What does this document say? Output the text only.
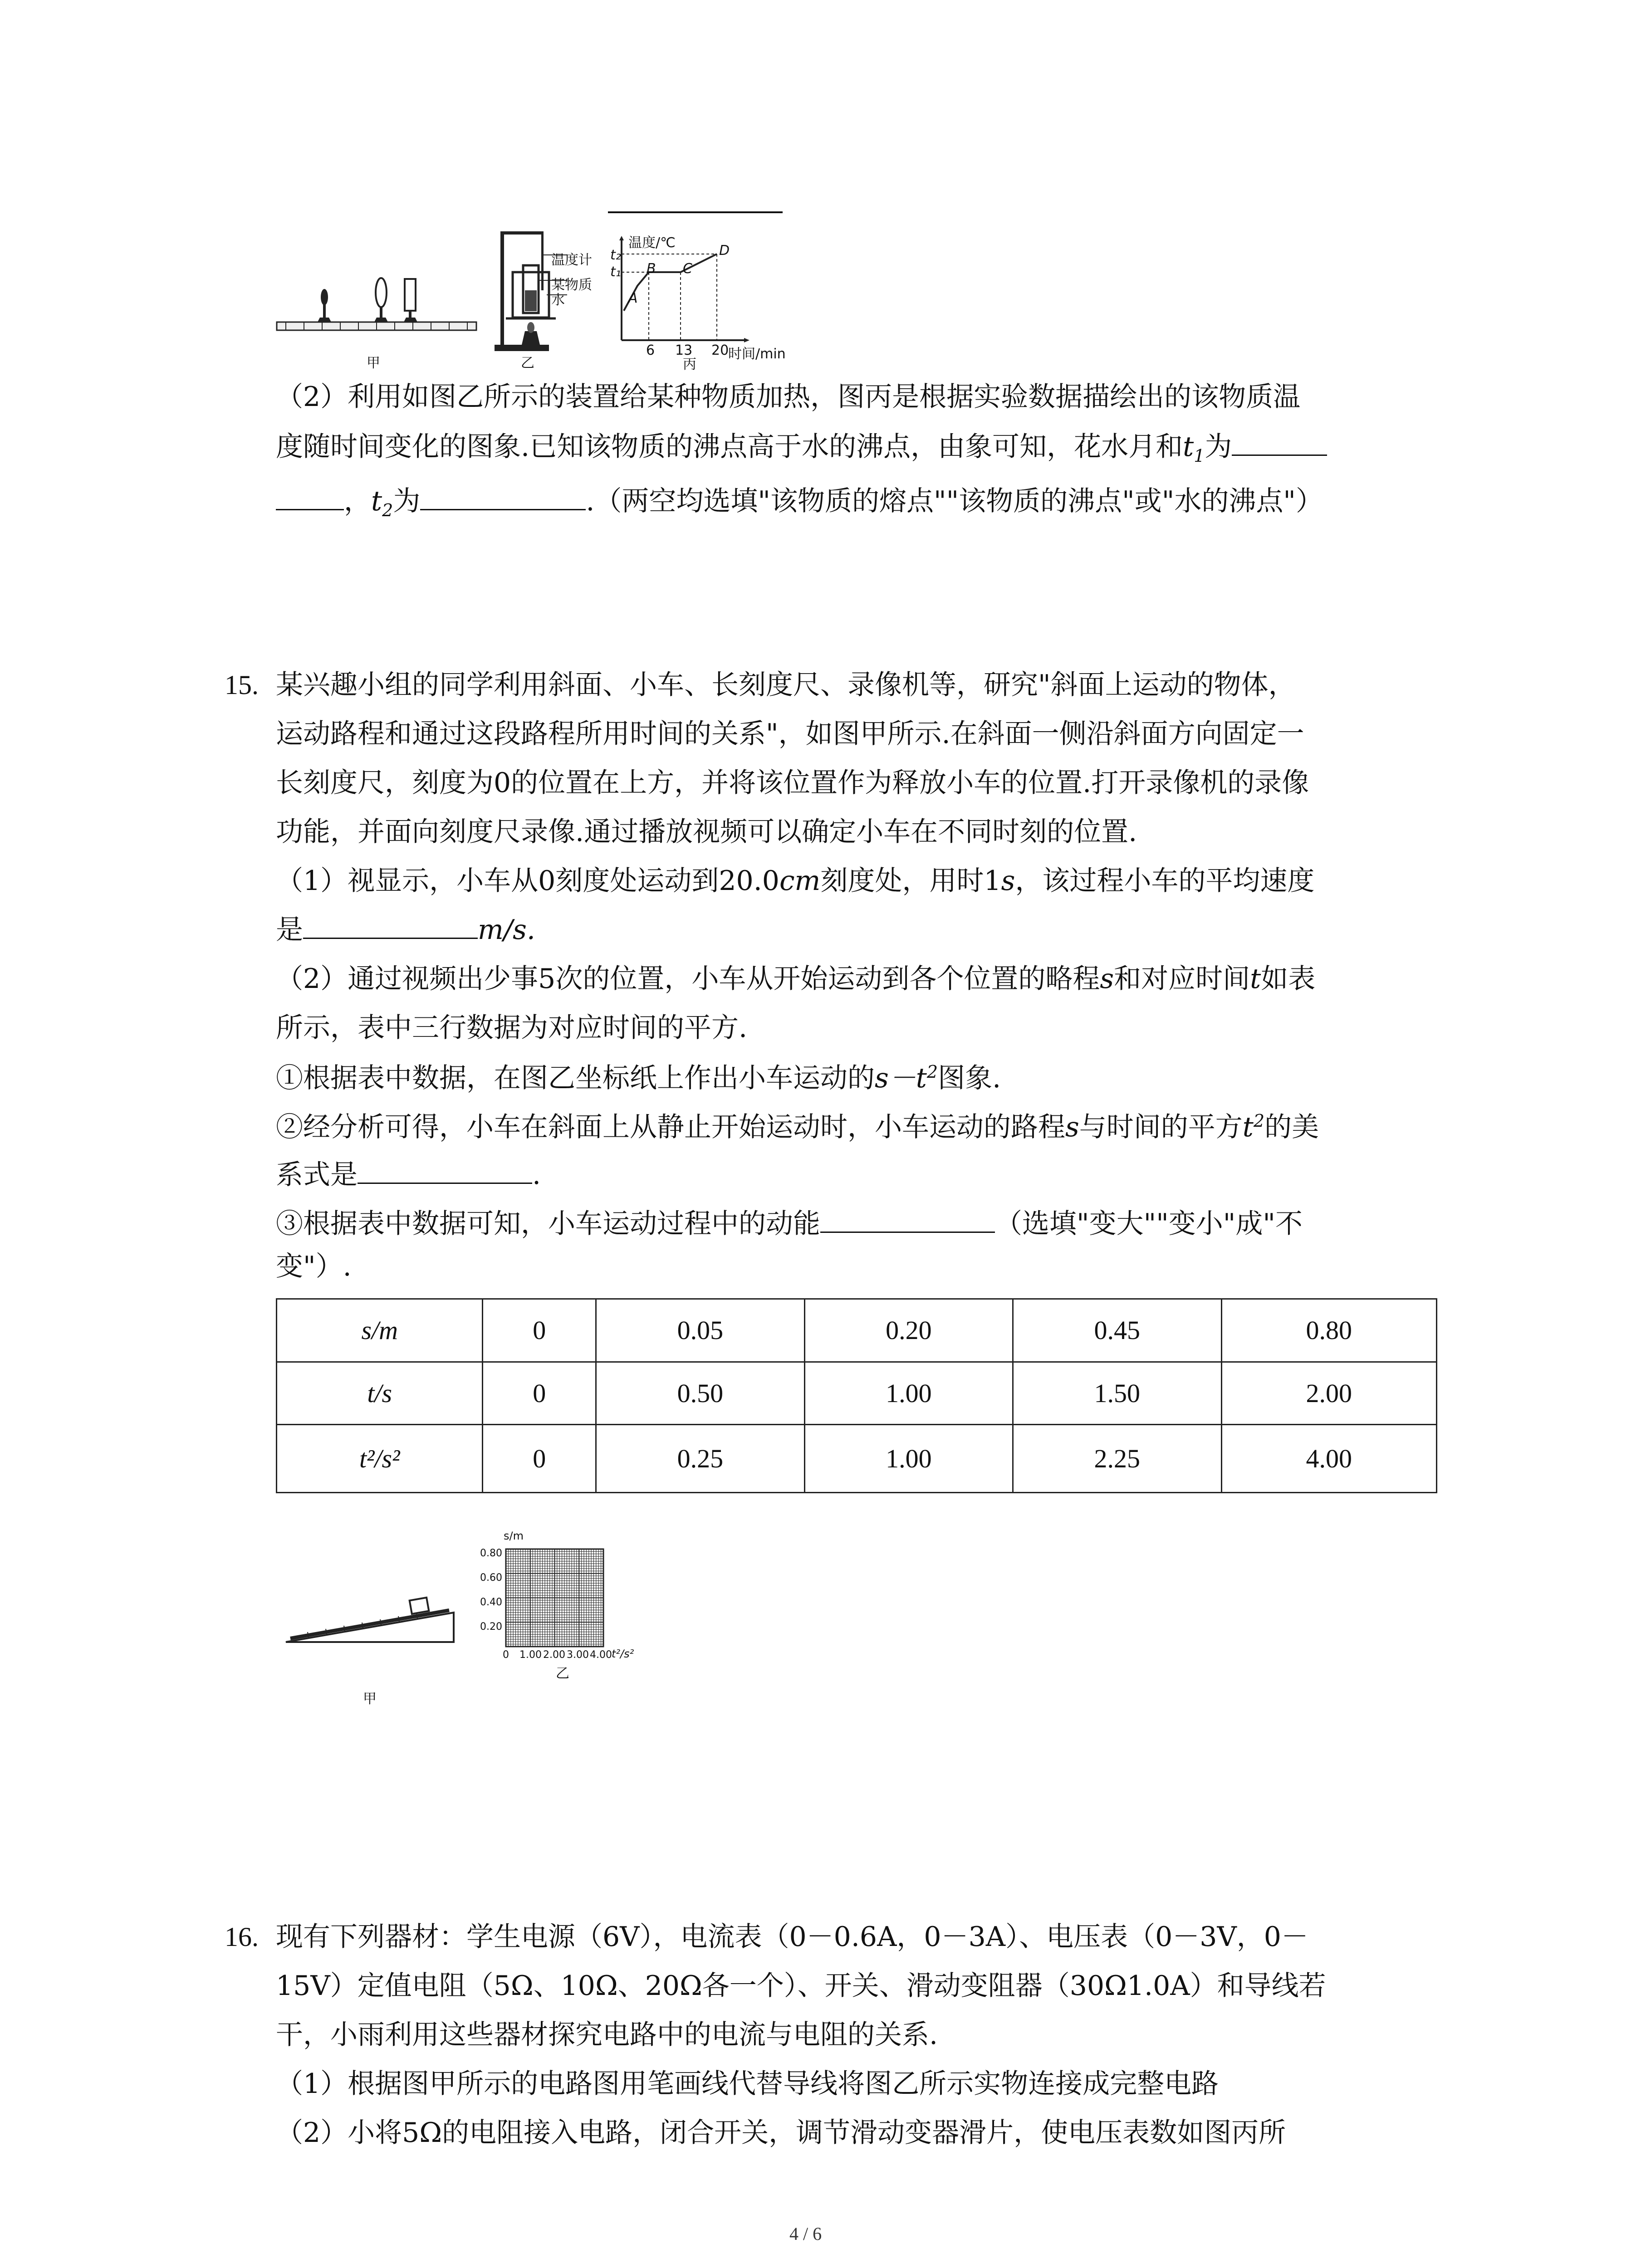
甲
温度计
某物质
水
乙
温度/℃
t₁
t₂
A
B C
D
6 13 20
时间/min
丙
（2）利用如图乙所示的装置给某种物质加热，图丙是根据实验数据描绘出的该物质温
度随时间变化的图象.已知该物质的沸点高于水的沸点，由象可知，花水月和$t_1$为
，$t_2$为	.（两空均选填"该物质的熔点""该物质的沸点"或"水的沸点"）
15. 某兴趣小组的同学利用斜面、小车、长刻度尺、录像机等，研究"斜面上运动的物体，
运动路程和通过这段路程所用时间的关系"，如图甲所示.在斜面一侧沿斜面方向固定一
长刻度尺，刻度为0的位置在上方，并将该位置作为释放小车的位置.打开录像机的录像
功能，并面向刻度尺录像.通过播放视频可以确定小车在不同时刻的位置.
（1）视显示，小车从0刻度处运动到20.0cm刻度处，用时1s，该过程小车的平均速度
是	m/s.
（2）通过视频出少事5次的位置，小车从开始运动到各个位置的略程s和对应时间t如表
所示，表中三行数据为对应时间的平方.
①根据表中数据，在图乙坐标纸上作出小车运动的$s-t^2$图象.
②经分析可得，小车在斜面上从静止开始运动时，小车运动的路程s与时间的平方$t^2$的美
系式是	.
③根据表中数据可知，小车运动过程中的动能	（选填"变大""变小"成"不
变"）.
s/m	0	0.05	0.20	0.45	0.80
t/s	0	0.50	1.00	1.50	2.00
t²/s²	0	0.25	1.00	2.25	4.00
甲
s/m
0.80
0.60
0.40
0.20
0 1.00 2.00 3.00 4.00 t²/s²
乙
16. 现有下列器材：学生电源（6V），电流表（0－0.6A，0－3A）、电压表（0－3V，0－
15V）定值电阻（5Ω、10Ω、20Ω各一个）、开关、滑动变阻器（30Ω1.0A）和导线若
干，小雨利用这些器材探究电路中的电流与电阻的关系.
（1）根据图甲所示的电路图用笔画线代替导线将图乙所示实物连接成完整电路
（2）小将5Ω的电阻接入电路，闭合开关，调节滑动变器滑片，使电压表数如图丙所
4 / 6
